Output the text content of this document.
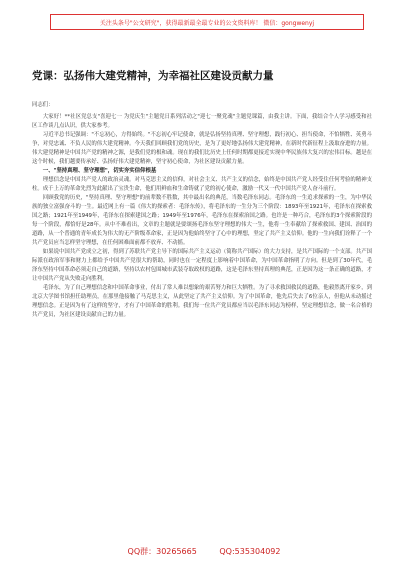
关注头条号"公文研究"，获得最新最全最专业的公文资料库！ 微信：gongwenyj
党课：弘扬伟大建党精神，为幸福社区建设贡献力量

同志们：

大家好！**社区党总支"喜迎七一 为党庆生"主题党日系列活动之"迎七一聚党魂"主题党课篇，由我主讲。下面，我结合个人学习感受和社区工作谈几点认识，供大家参考。

习近平总书记强调："不忘初心，方得始终。"不忘初心牢记使命，就是弘扬坚持真理、坚守理想，践行初心、担当使命，不怕牺牲、英勇斗争，对党忠诚、不负人民的伟大建党精神。今天我们回顾我们党的历史，是为了更好地弘扬伟大建党精神，在新时代新征程上汲取奋进的力量。伟大建党精神是中国共产党的精神之源，是我们党的根和魂。现在的我们比历史上任何时期都更接近实现中华民族伟大复兴的宏伟目标。越是在这个时候，我们越要传承好、弘扬好伟大建党精神，坚守初心使命，为社区建设贡献力量。

一、"坚持真理、坚守理想"，切实夯实信仰根基

理想信念是中国共产党人的政治灵魂。对马克思主义的信仰，对社会主义、共产主义的信念，始终是中国共产党人经受住任何考验的精神支柱。成千上万的革命先烈为此献出了宝贵生命，他们用鲜血和生命铸就了党的初心使命，激励一代又一代中国共产党人奋斗前行。

回顾我党的历史，"坚持真理、坚守理想"的前辈数不胜数，其中最出名的典范，当数毛泽东同志。毛泽东的一生追求探索的一生，为中华民族的独立富强奋斗的一生。最近网上有一篇《伟大的探索者：毛泽东传》，将毛泽东的一生分为三个阶段：1893年至1921年，毛泽东在探索救国之路；1921年至1949年，毛泽东在探索建国之路；1949年至1976年，毛泽东在探索治国之路。也许是一种巧合，毛泽东的3个探索阶段的每一个阶段，都恰好是28年。从中不难看出，文章的主题就是要颂扬毛泽东坚守理想的伟大一生，他将一生奉献给了探索救国、建国、治国的道路，从一个普通的青年成长为伟大的无产阶级革命家，正是因为他始终坚守了心中的理想，坚定了共产主义信仰。他的一生向我们诠释了一个共产党员应当怎样坚守理想，在任何困难面前都不放弃、不动摇。

如果说中国共产党成立之初，得到了苏联共产党主导下的国际共产主义运动（简称共产国际）的大力支持，是共产国际的一个支部。共产国际派在政治军事和财力上都给予中国共产党很大的帮助，同时也在一定程度上影响着中国革命，为中国革命指明了方向。但是到了30年代，毛泽东坚持中国革命必须走自己的道路，坚持以农村包围城市武装夺取政权的道路，这是毛泽东坚持真理的典范，正是因为这一条正确的道路，才让中国共产党从失败走向胜利。

毛泽东，为了自己理想信念和中国革命事业，付出了常人难以想象的艰苦努力和巨大牺牲。为了寻求救国救民的道路，他毅然离开家乡，到北京大学图书馆担任助理员，在那里他接触了马克思主义，从此坚定了共产主义信仰。为了中国革命，他先后失去了6位亲人，但他从未动摇过理想信念。正是因为有了这样的坚守，才有了中国革命的胜利。我们每一位共产党员都应当以毛泽东同志为榜样，坚定理想信念，做一名合格的共产党员，为社区建设贡献自己的力量。

QQ群：30265665	QQ:535304092
